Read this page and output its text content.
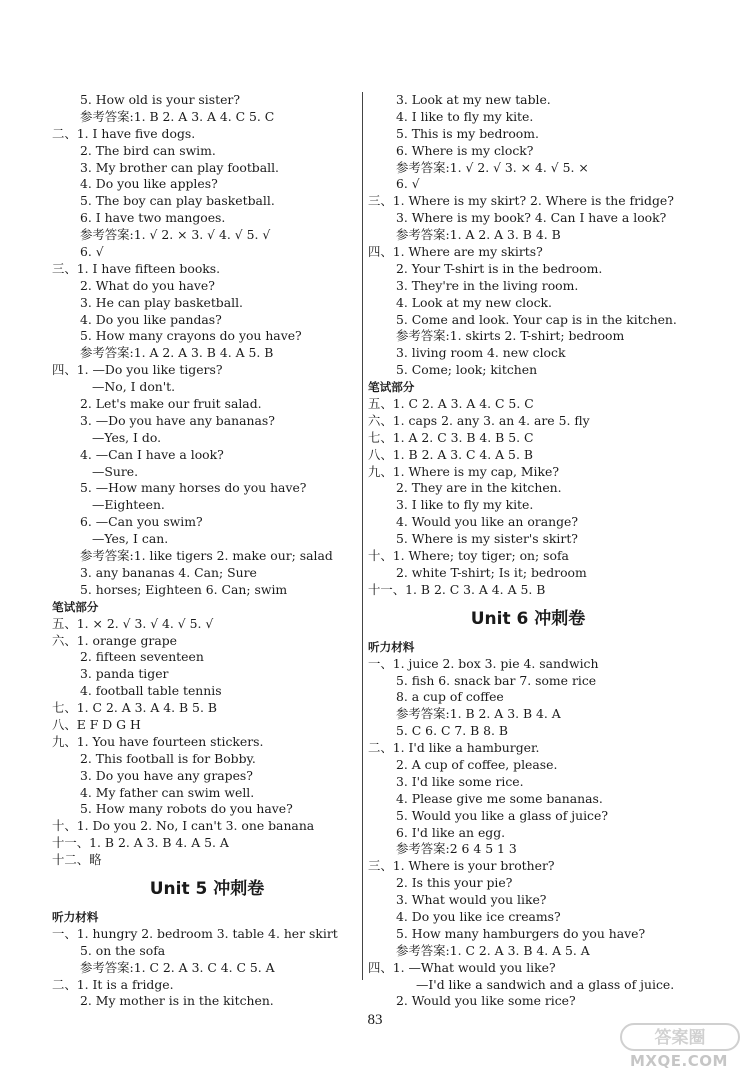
5. How old is your sister?
参考答案:1. B 2. A 3. A 4. C 5. C
二、1. I have five dogs.
2. The bird can swim.
3. My brother can play football.
4. Do you like apples?
5. The boy can play basketball.
6. I have two mangoes.
参考答案:1. √ 2. × 3. √ 4. √ 5. √
6. √
三、1. I have fifteen books.
2. What do you have?
3. He can play basketball.
4. Do you like pandas?
5. How many crayons do you have?
参考答案:1. A 2. A 3. B 4. A 5. B
四、1. —Do you like tigers?
—No, I don't.
2. Let's make our fruit salad.
3. —Do you have any bananas?
—Yes, I do.
4. —Can I have a look?
—Sure.
5. —How many horses do you have?
—Eighteen.
6. —Can you swim?
—Yes, I can.
参考答案:1. like tigers 2. make our; salad
3. any bananas 4. Can; Sure
5. horses; Eighteen 6. Can; swim
笔试部分
五、1. × 2. √ 3. √ 4. √ 5. √
六、1. orange grape
2. fifteen seventeen
3. panda tiger
4. football table tennis
七、1. C 2. A 3. A 4. B 5. B
八、E F D G H
九、1. You have fourteen stickers.
2. This football is for Bobby.
3. Do you have any grapes?
4. My father can swim well.
5. How many robots do you have?
十、1. Do you 2. No, I can't 3. one banana
十一、1. B 2. A 3. B 4. A 5. A
十二、略
Unit 5 冲刺卷
听力材料
一、1. hungry 2. bedroom 3. table 4. her skirt
5. on the sofa
参考答案:1. C 2. A 3. C 4. C 5. A
二、1. It is a fridge.
2. My mother is in the kitchen.
3. Look at my new table.
4. I like to fly my kite.
5. This is my bedroom.
6. Where is my clock?
参考答案:1. √ 2. √ 3. × 4. √ 5. ×
6. √
三、1. Where is my skirt? 2. Where is the fridge?
3. Where is my book? 4. Can I have a look?
参考答案:1. A 2. A 3. B 4. B
四、1. Where are my skirts?
2. Your T-shirt is in the bedroom.
3. They're in the living room.
4. Look at my new clock.
5. Come and look. Your cap is in the kitchen.
参考答案:1. skirts 2. T-shirt; bedroom
3. living room 4. new clock
5. Come; look; kitchen
笔试部分
五、1. C 2. A 3. A 4. C 5. C
六、1. caps 2. any 3. an 4. are 5. fly
七、1. A 2. C 3. B 4. B 5. C
八、1. B 2. A 3. C 4. A 5. B
九、1. Where is my cap, Mike?
2. They are in the kitchen.
3. I like to fly my kite.
4. Would you like an orange?
5. Where is my sister's skirt?
十、1. Where; toy tiger; on; sofa
2. white T-shirt; Is it; bedroom
十一、1. B 2. C 3. A 4. A 5. B
Unit 6 冲刺卷
听力材料
一、1. juice 2. box 3. pie 4. sandwich
5. fish 6. snack bar 7. some rice
8. a cup of coffee
参考答案:1. B 2. A 3. B 4. A
5. C 6. C 7. B 8. B
二、1. I'd like a hamburger.
2. A cup of coffee, please.
3. I'd like some rice.
4. Please give me some bananas.
5. Would you like a glass of juice?
6. I'd like an egg.
参考答案:2 6 4 5 1 3
三、1. Where is your brother?
2. Is this your pie?
3. What would you like?
4. Do you like ice creams?
5. How many hamburgers do you have?
参考答案:1. C 2. A 3. B 4. A 5. A
四、1. —What would you like?
—I'd like a sandwich and a glass of juice.
2. Would you like some rice?
83
答案圈
MXQE.COM
